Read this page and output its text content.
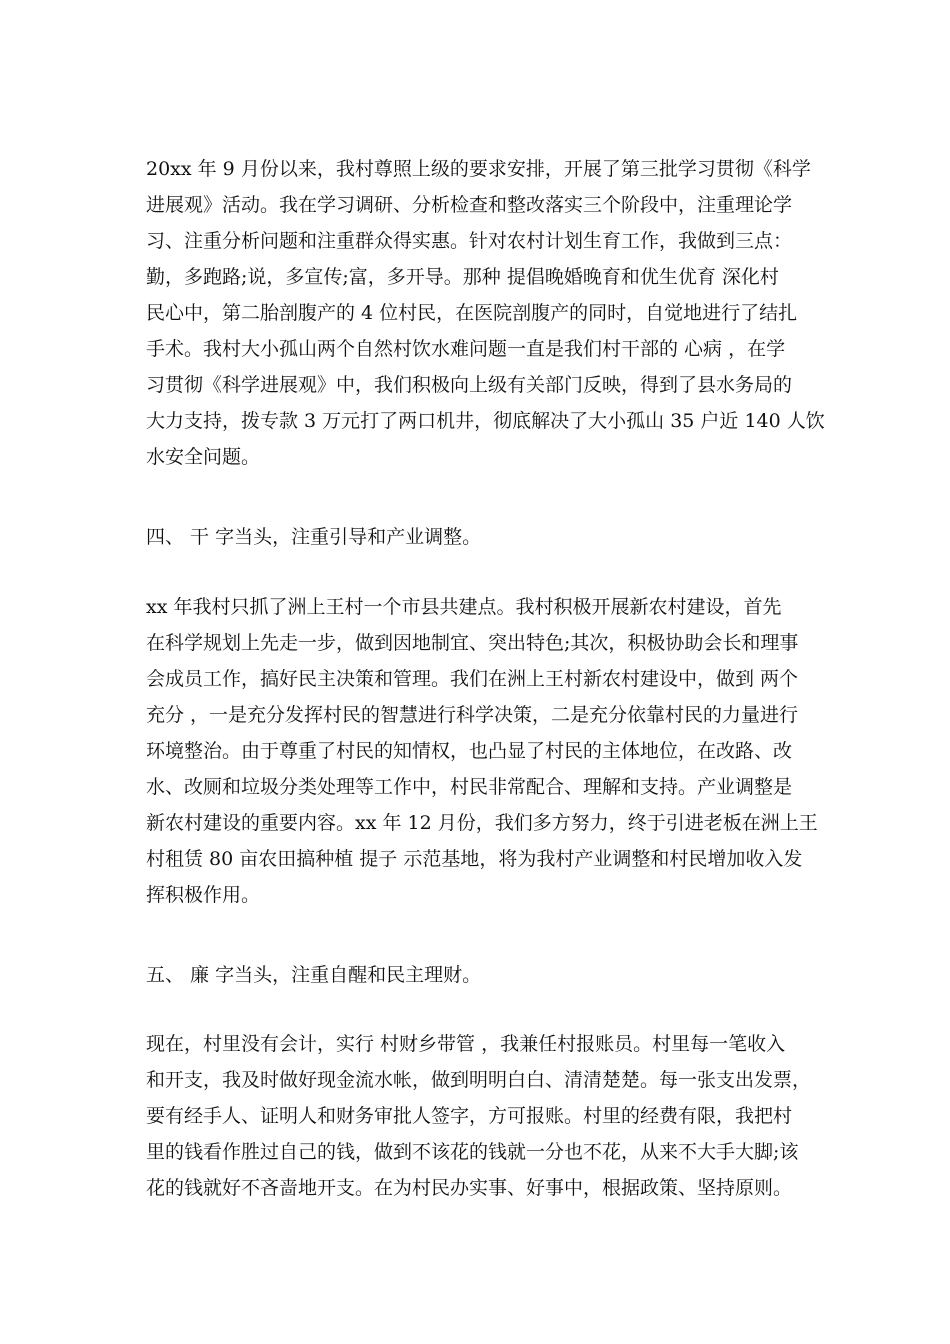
20xx 年 9 月份以来，我村尊照上级的要求安排，开展了第三批学习贯彻《科学
进展观》活动。我在学习调研、分析检查和整改落实三个阶段中，注重理论学
习、注重分析问题和注重群众得实惠。针对农村计划生育工作，我做到三点：
勤，多跑路;说，多宣传;富，多开导。那种 提倡晚婚晚育和优生优育 深化村
民心中，第二胎剖腹产的 4 位村民，在医院剖腹产的同时，自觉地进行了结扎
手术。我村大小孤山两个自然村饮水难问题一直是我们村干部的 心病 ，在学
习贯彻《科学进展观》中，我们积极向上级有关部门反映，得到了县水务局的
大力支持，拨专款 3 万元打了两口机井，彻底解决了大小孤山 35 户近 140 人饮
水安全问题。
四、 干 字当头，注重引导和产业调整。
xx 年我村只抓了洲上王村一个市县共建点。我村积极开展新农村建设，首先
在科学规划上先走一步，做到因地制宜、突出特色;其次，积极协助会长和理事
会成员工作，搞好民主决策和管理。我们在洲上王村新农村建设中，做到 两个
充分 ，一是充分发挥村民的智慧进行科学决策，二是充分依靠村民的力量进行
环境整治。由于尊重了村民的知情权，也凸显了村民的主体地位，在改路、改
水、改厕和垃圾分类处理等工作中，村民非常配合、理解和支持。产业调整是
新农村建设的重要内容。xx 年 12 月份，我们多方努力，终于引进老板在洲上王
村租赁 80 亩农田搞种植 提子 示范基地，将为我村产业调整和村民增加收入发
挥积极作用。
五、 廉 字当头，注重自醒和民主理财。
现在，村里没有会计，实行 村财乡带管 ，我兼任村报账员。村里每一笔收入
和开支，我及时做好现金流水帐，做到明明白白、清清楚楚。每一张支出发票，
要有经手人、证明人和财务审批人签字，方可报账。村里的经费有限，我把村
里的钱看作胜过自己的钱，做到不该花的钱就一分也不花，从来不大手大脚;该
花的钱就好不吝啬地开支。在为村民办实事、好事中，根据政策、坚持原则。
